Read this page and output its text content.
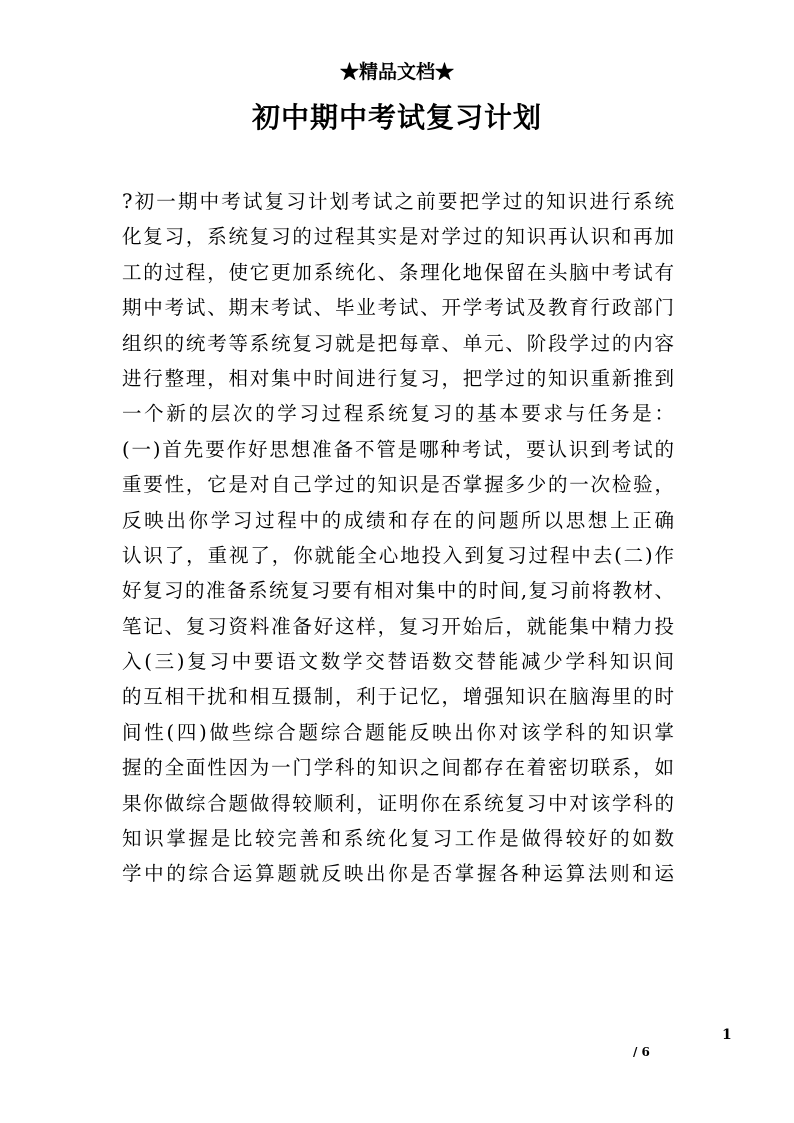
★精品文档★
初中期中考试复习计划
?初一期中考试复习计划考试之前要把学过的知识进行系统
化复习，系统复习的过程其实是对学过的知识再认识和再加
工的过程，使它更加系统化、条理化地保留在头脑中考试有
期中考试、期末考试、毕业考试、开学考试及教育行政部门
组织的统考等系统复习就是把每章、单元、阶段学过的内容
进行整理，相对集中时间进行复习，把学过的知识重新推到
一个新的层次的学习过程系统复习的基本要求与任务是：
(一)首先要作好思想准备不管是哪种考试，要认识到考试的
重要性，它是对自己学过的知识是否掌握多少的一次检验，
反映出你学习过程中的成绩和存在的问题所以思想上正确
认识了，重视了，你就能全心地投入到复习过程中去(二)作
好复习的准备系统复习要有相对集中的时间,复习前将教材、
笔记、复习资料准备好这样，复习开始后，就能集中精力投
入(三)复习中要语文数学交替语数交替能减少学科知识间
的互相干扰和相互摄制，利于记忆，增强知识在脑海里的时
间性(四)做些综合题综合题能反映出你对该学科的知识掌
握的全面性因为一门学科的知识之间都存在着密切联系，如
果你做综合题做得较顺利，证明你在系统复习中对该学科的
知识掌握是比较完善和系统化复习工作是做得较好的如数
学中的综合运算题就反映出你是否掌握各种运算法则和运
1
/ 6
